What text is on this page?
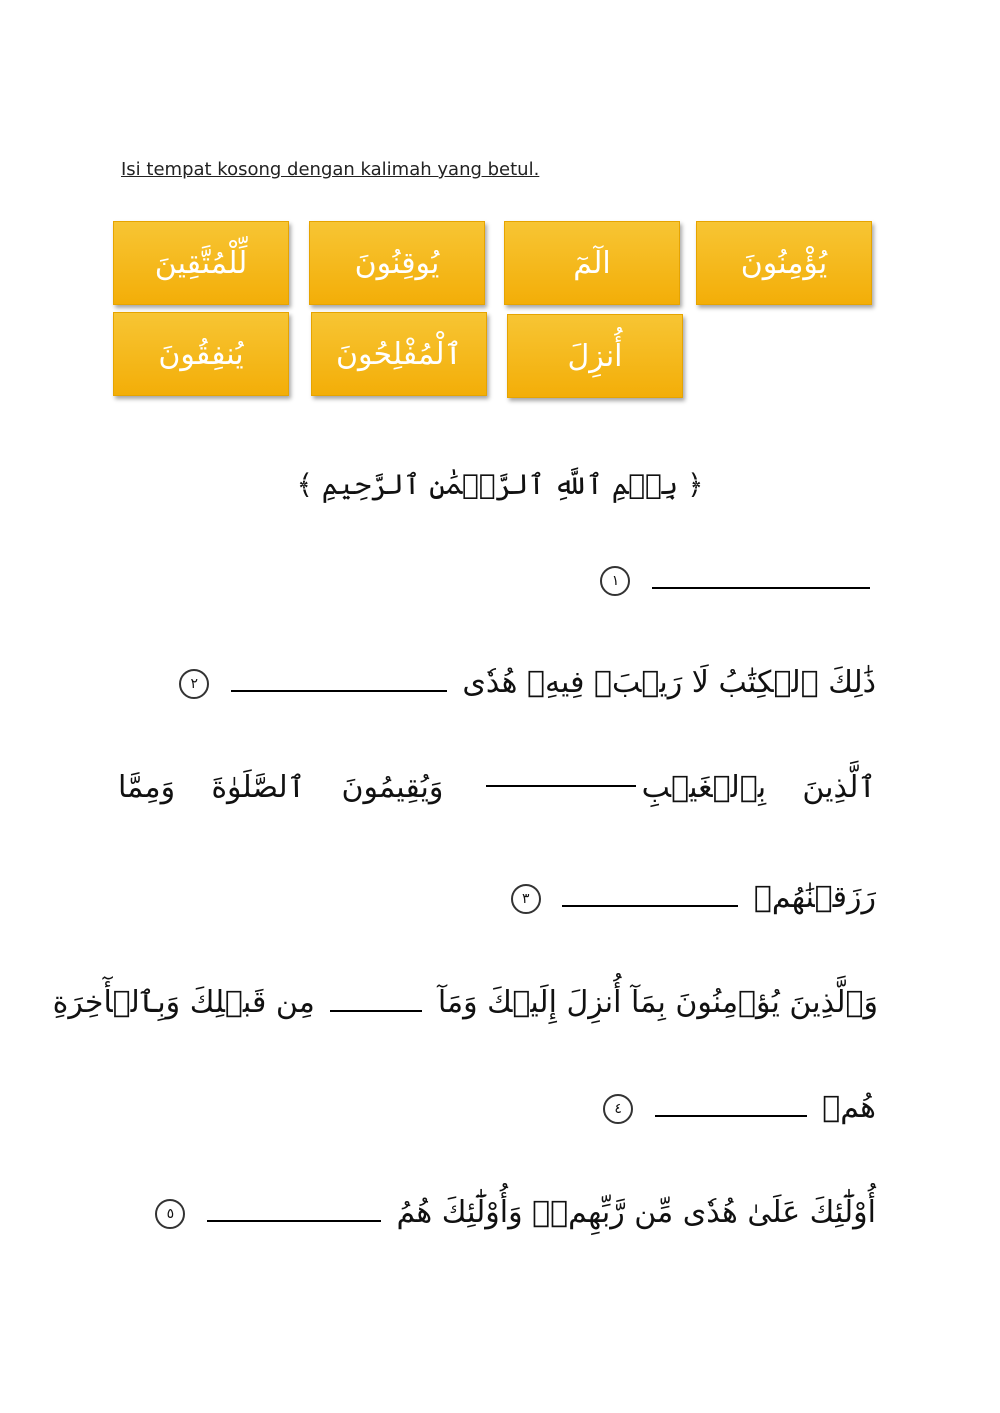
Isi tempat kosong dengan kalimah yang betul.
يُؤْمِنُونَ
الٓمٓ
يُوقِنُونَ
لِّلْمُتَّقِينَ
أُنزِلَ
ٱلْمُفْلِحُونَ
يُنفِقُونَ
﴿ بِسۡمِ ٱللَّهِ ٱلرَّحۡمَٰنِ ٱلرَّحِيمِ ﴾
١
ذَٰلِكَ ٱلۡكِتَٰبُ لَا رَيۡبَۛ فِيهِۛ هُدٗى  ٢
ٱلَّذِينَ
بِٱلۡغَيۡبِ
وَيُقِيمُونَ
ٱلصَّلَوٰةَ
وَمِمَّا
رَزَقۡنَٰهُمۡ  ٣
وَٱلَّذِينَ يُؤۡمِنُونَ بِمَآ أُنزِلَ إِلَيۡكَ وَمَآ  مِن قَبۡلِكَ وَبِٱلۡأٓخِرَةِ
هُمۡ  ٤
أُوْلَٰٓئِكَ عَلَىٰ هُدٗى مِّن رَّبِّهِمۡۖ وَأُوْلَٰٓئِكَ هُمُ  ٥
